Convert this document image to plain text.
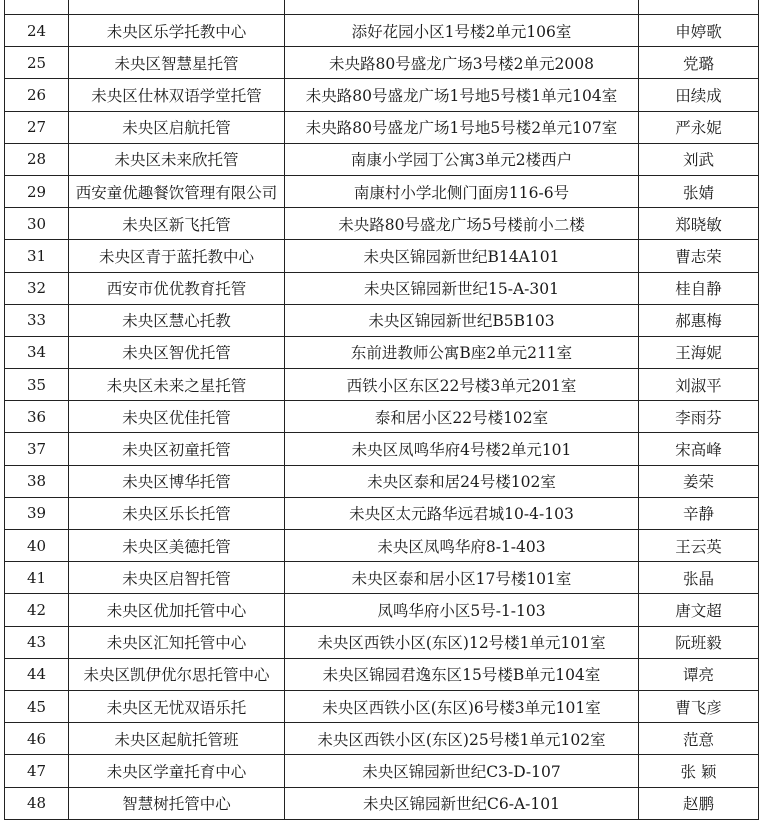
24	未央区乐学托教中心	添好花园小区1号楼2单元106室	申婷歌
25	未央区智慧星托管	未央路80号盛龙广场3号楼2单元2008	党璐
26	未央区仕林双语学堂托管	未央路80号盛龙广场1号地5号楼1单元104室	田续成
27	未央区启航托管	未央路80号盛龙广场1号地5号楼2单元107室	严永妮
28	未央区未来欣托管	南康小学园丁公寓3单元2楼西户	刘武
29	西安童优趣餐饮管理有限公司	南康村小学北侧门面房116-6号	张婧
30	未央区新飞托管	未央路80号盛龙广场5号楼前小二楼	郑晓敏
31	未央区青于蓝托教中心	未央区锦园新世纪B14A101	曹志荣
32	西安市优优教育托管	未央区锦园新世纪15-A-301	桂自静
33	未央区慧心托教	未央区锦园新世纪B5B103	郝惠梅
34	未央区智优托管	东前进教师公寓B座2单元211室	王海妮
35	未央区未来之星托管	西铁小区东区22号楼3单元201室	刘淑平
36	未央区优佳托管	泰和居小区22号楼102室	李雨芬
37	未央区初童托管	未央区凤鸣华府4号楼2单元101	宋高峰
38	未央区博华托管	未央区泰和居24号楼102室	姜荣
39	未央区乐长托管	未央区太元路华远君城10-4-103	辛静
40	未央区美德托管	未央区凤鸣华府8-1-403	王云英
41	未央区启智托管	未央区泰和居小区17号楼101室	张晶
42	未央区优加托管中心	凤鸣华府小区5号-1-103	唐文超
43	未央区汇知托管中心	未央区西铁小区(东区)12号楼1单元101室	阮班毅
44	未央区凯伊优尔思托管中心	未央区锦园君逸东区15号楼B单元104室	谭亮
45	未央区无忧双语乐托	未央区西铁小区(东区)6号楼3单元101室	曹飞彦
46	未央区起航托管班	未央区西铁小区(东区)25号楼1单元102室	范意
47	未央区学童托育中心	未央区锦园新世纪C3-D-107	张 颖
48	智慧树托管中心	未央区锦园新世纪C6-A-101	赵鹏
